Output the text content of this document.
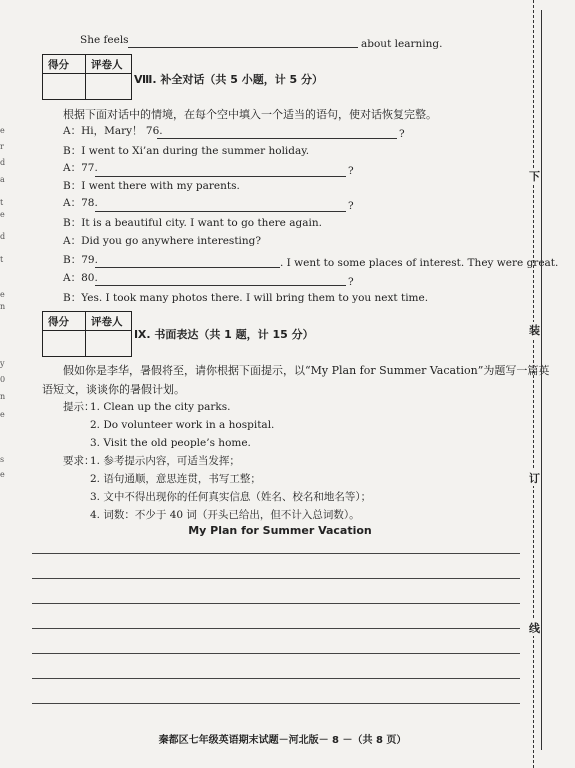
e
r
d
a
t
e
d
t
e
n
y
0
n
e
s
e
She feels	about learning.
得分 评卷人
Ⅷ. 补全对话（共 5 小题，计 5 分）
根据下面对话中的情境，在每个空中填入一个适当的语句，使对话恢复完整。
A：Hi，Mary！ 76.	?
B：I went to Xi’an during the summer holiday.
A：77.	?
B：I went there with my parents.
A：78.	?
B：It is a beautiful city. I want to go there again.
A：Did you go anywhere interesting?
B：79.	. I went to some places of interest. They were great.
A：80.	?
B：Yes. I took many photos there. I will bring them to you next time.
得分 评卷人
Ⅸ. 书面表达（共 1 题，计 15 分）
假如你是李华，暑假将至，请你根据下面提示，以“My Plan for Summer Vacation”为题写一篇英
语短文，谈谈你的暑假计划。
提示：
1. Clean up the city parks.
2. Do volunteer work in a hospital.
3. Visit the old people’s home.
要求：
1. 参考提示内容，可适当发挥；
2. 语句通顺，意思连贯，书写工整；
3. 文中不得出现你的任何真实信息（姓名、校名和地名等）；
4. 词数：不少于 40 词（开头已给出，但不计入总词数）。
My Plan for Summer Vacation
下
装
订
线
秦都区七年级英语期末试题－河北版－ 8 －（共 8 页）
